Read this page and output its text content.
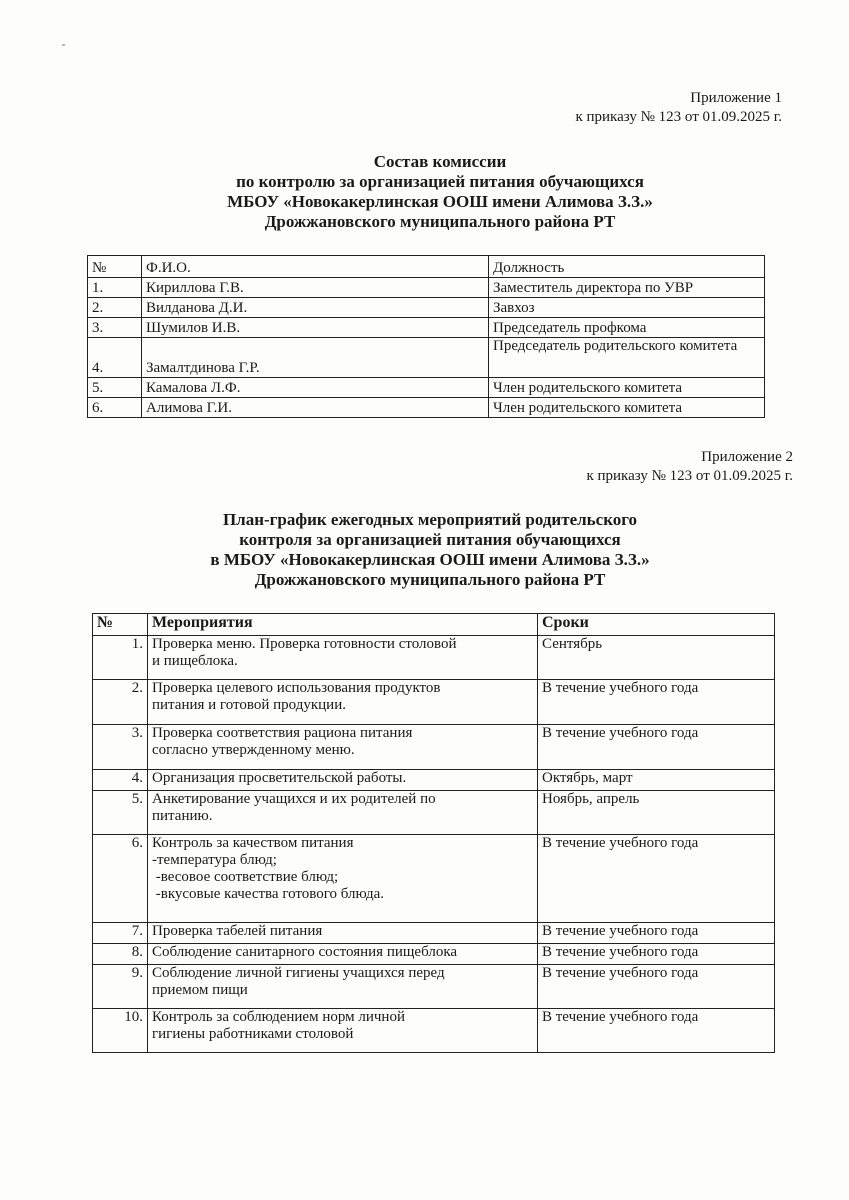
Приложение 1
к приказу № 123 от 01.09.2025 г.
Состав комиссии
по контролю за организацией питания обучающихся
МБОУ «Новокакерлинская ООШ имени Алимова З.З.»
Дрожжановского муниципального района РТ
№	Ф.И.О.	Должность
1.	Кириллова Г.В.	Заместитель директора по УВР
2.	Вилданова Д.И.	Завхоз
3.	Шумилов И.В.	Председатель профкома
4.	Замалтдинова Г.Р.	Председатель родительского комитета
5.	Камалова Л.Ф.	Член родительского комитета
6.	Алимова Г.И.	Член родительского комитета
Приложение 2
к приказу № 123 от 01.09.2025 г.
План-график ежегодных мероприятий родительского
контроля за организацией питания обучающихся
в МБОУ «Новокакерлинская ООШ имени Алимова З.З.»
Дрожжановского муниципального района РТ
№	Мероприятия	Сроки
1.	Проверка меню. Проверка готовности столовой
и пищеблока.	Сентябрь
2.	Проверка целевого использования продуктов
питания и готовой продукции.	В течение учебного года
3.	Проверка соответствия рациона питания
согласно утвержденному меню.	В течение учебного года
4.	Организация просветительской работы.	Октябрь, март
5.	Анкетирование учащихся и их родителей по
питанию.	Ноябрь, апрель
6.	Контроль за качеством питания
-температура блюд;
-весовое соответствие блюд;
-вкусовые качества готового блюда.	В течение учебного года
7.	Проверка табелей питания	В течение учебного года
8.	Соблюдение санитарного состояния пищеблока	В течение учебного года
9.	Соблюдение личной гигиены учащихся перед
приемом пищи	В течение учебного года
10.	Контроль за соблюдением норм личной
гигиены работниками столовой	В течение учебного года
